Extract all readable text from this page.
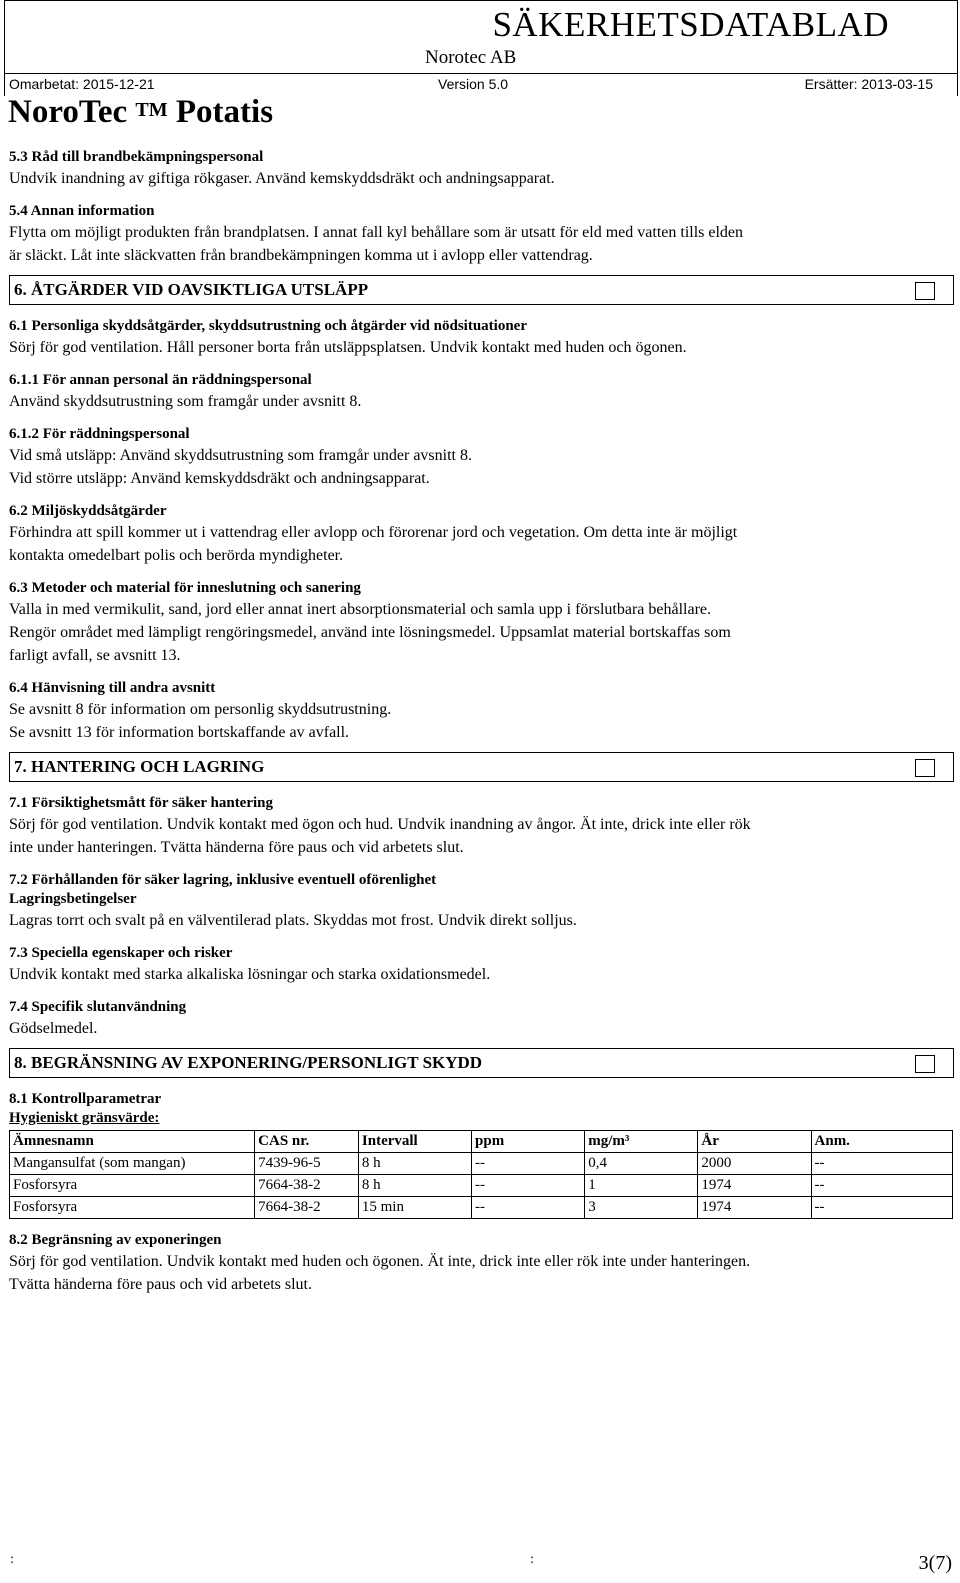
SÄKERHETSDATABLAD
Norotec AB
Omarbetat: 2015-12-21	Version 5.0	Ersätter: 2013-03-15
NoroTec ™ Potatis

5.3 Råd till brandbekämpningspersonal

Undvik inandning av giftiga rökgaser. Använd kemskyddsdräkt och andningsapparat.

5.4 Annan information

Flytta om möjligt produkten från brandplatsen. I annat fall kyl behållare som är utsatt för eld med vatten tills elden

är släckt. Låt inte släckvatten från brandbekämpningen komma ut i avlopp eller vattendrag.

6. ÅTGÄRDER VID OAVSIKTLIGA UTSLÄPP

6.1 Personliga skyddsåtgärder, skyddsutrustning och åtgärder vid nödsituationer

Sörj för god ventilation. Håll personer borta från utsläppsplatsen. Undvik kontakt med huden och ögonen.

6.1.1 För annan personal än räddningspersonal

Använd skyddsutrustning som framgår under avsnitt 8.

6.1.2 För räddningspersonal

Vid små utsläpp: Använd skyddsutrustning som framgår under avsnitt 8.

Vid större utsläpp: Använd kemskyddsdräkt och andningsapparat.

6.2 Miljöskyddsåtgärder

Förhindra att spill kommer ut i vattendrag eller avlopp och förorenar jord och vegetation. Om detta inte är möjligt

kontakta omedelbart polis och berörda myndigheter.

6.3 Metoder och material för inneslutning och sanering

Valla in med vermikulit, sand, jord eller annat inert absorptionsmaterial och samla upp i förslutbara behållare.

Rengör området med lämpligt rengöringsmedel, använd inte lösningsmedel. Uppsamlat material bortskaffas som

farligt avfall, se avsnitt 13.

6.4 Hänvisning till andra avsnitt

Se avsnitt 8 för information om personlig skyddsutrustning.

Se avsnitt 13 för information bortskaffande av avfall.

7. HANTERING OCH LAGRING

7.1 Försiktighetsmått för säker hantering

Sörj för god ventilation. Undvik kontakt med ögon och hud. Undvik inandning av ångor. Ät inte, drick inte eller rök

inte under hanteringen. Tvätta händerna före paus och vid arbetets slut.

7.2 Förhållanden för säker lagring, inklusive eventuell oförenlighet

Lagringsbetingelser

Lagras torrt och svalt på en välventilerad plats. Skyddas mot frost. Undvik direkt solljus.

7.3 Speciella egenskaper och risker

Undvik kontakt med starka alkaliska lösningar och starka oxidationsmedel.

7.4 Specifik slutanvändning

Gödselmedel.

8. BEGRÄNSNING AV EXPONERING/PERSONLIGT SKYDD

8.1 Kontrollparametrar

Hygieniskt gränsvärde:

Ämnesnamn	CAS nr.	Intervall	ppm	mg/m³	År	Anm.
Mangansulfat (som mangan)	7439-96-5	8 h	--	0,4	2000	--
Fosforsyra	7664-38-2	8 h	--	1	1974	--
Fosforsyra	7664-38-2	15 min	--	3	1974	--

8.2 Begränsning av exponeringen

Sörj för god ventilation. Undvik kontakt med huden och ögonen. Ät inte, drick inte eller rök inte under hanteringen.

Tvätta händerna före paus och vid arbetets slut.

:	:	3(7)
